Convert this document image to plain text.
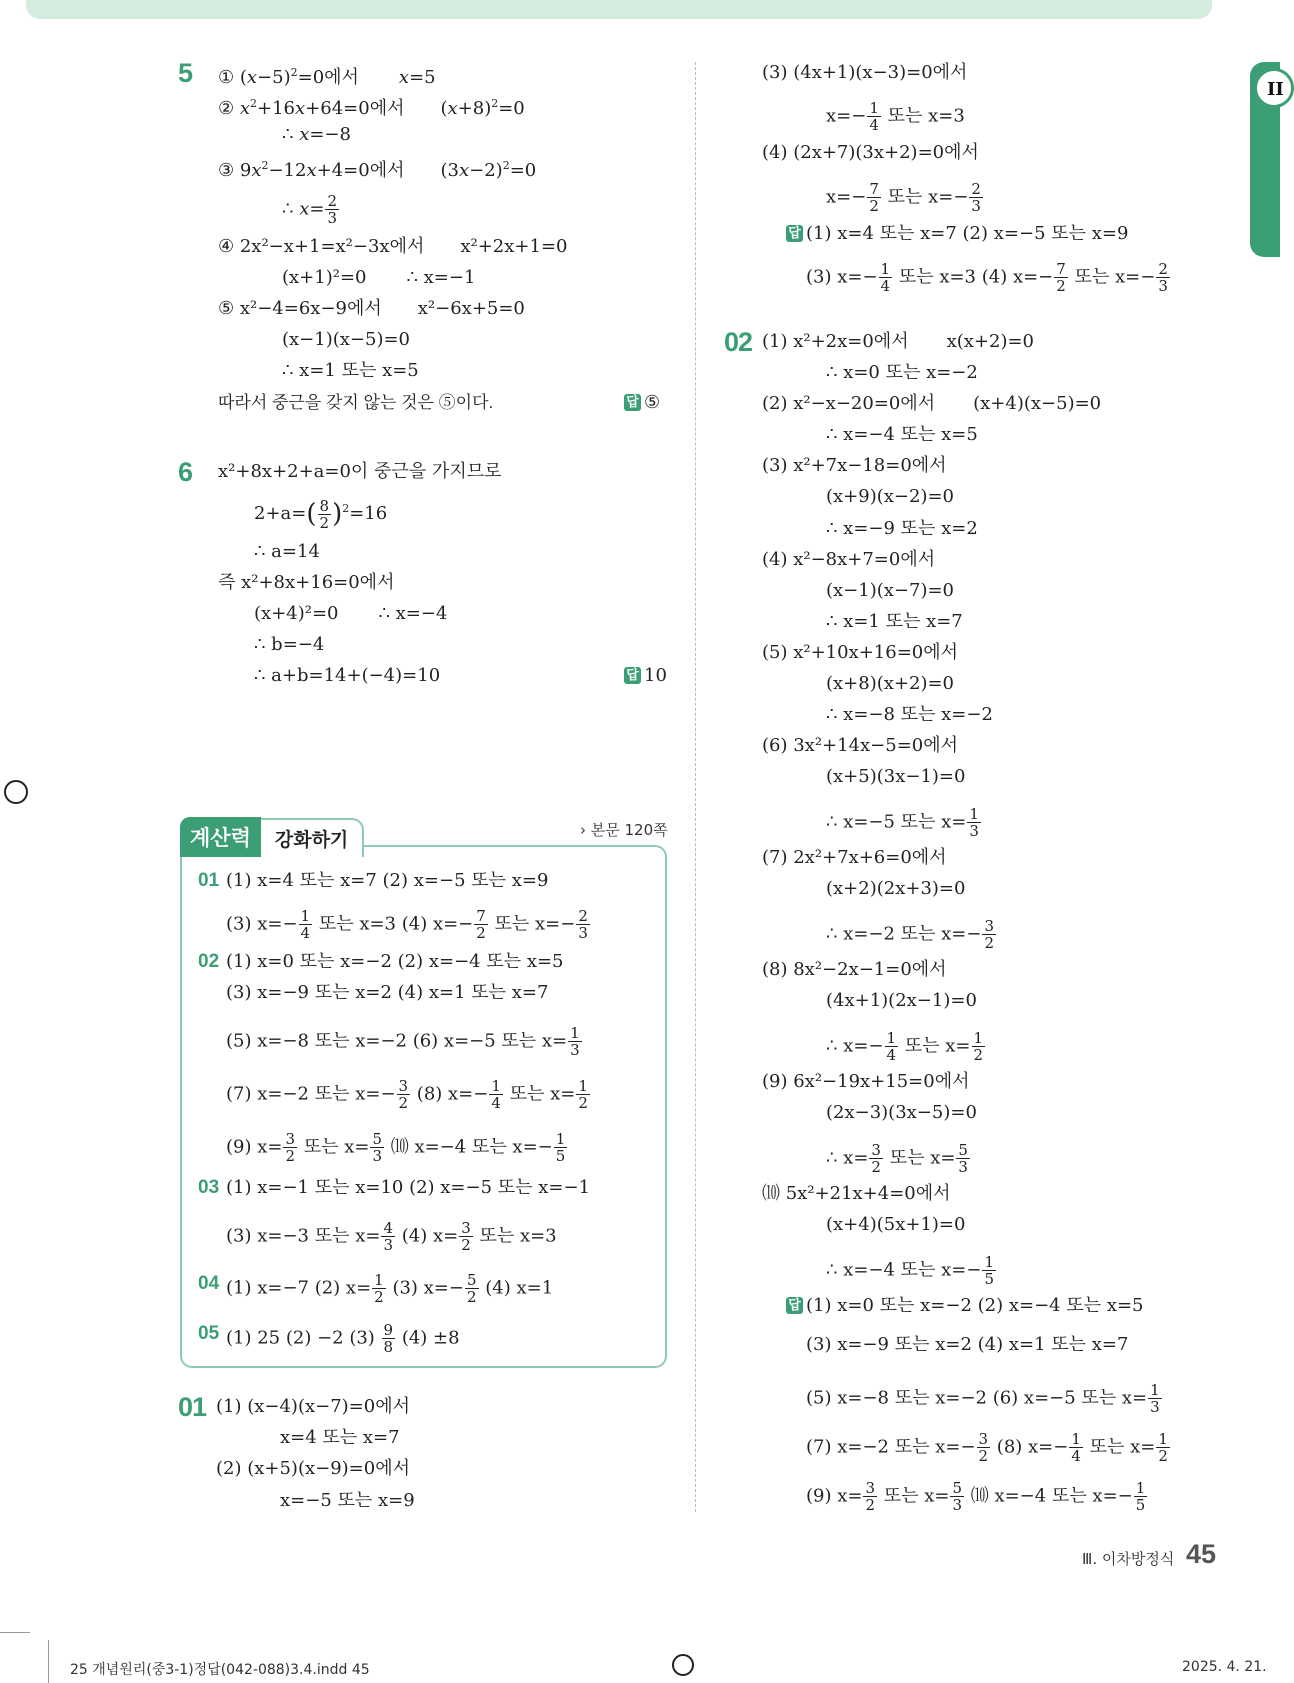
II
5 ① $(x-5)^2=0$에서 x=5
② $x^2+16x+64=0$에서 $(x+8)^2=0$
∴ x=−8
③ $9x^2-12x+4=0$에서 $(3x-2)^2=0$
∴ $x= \frac{2}{3}$
④ 2x²−x+1=x²−3x에서 x²+2x+1=0
(x+1)²=0 ∴ x=−1
⑤ x²−4=6x−9에서 x²−6x+5=0
(x−1)(x−5)=0
∴ x=1 또는 x=5
따라서 중근을 갖지 않는 것은 ⑤이다.	답 ⑤
6 x²+8x+2+a=0이 중근을 가지므로
$2+a=( \frac{8}{2} )^2=16$
∴ a=14
즉 x²+8x+16=0에서
(x+4)²=0 ∴ x=−4
∴ b=−4
∴ a+b=14+(−4)=10	답 10
계산력	강화하기	› 본문 120쪽
01 (1) x=4 또는 x=7 (2) x=−5 또는 x=9
(3) $x=- \frac{1}{4}$ 또는 x=3 (4) $x=- \frac{7}{2}$ 또는 $x=- \frac{2}{3}$
02 (1) x=0 또는 x=−2 (2) x=−4 또는 x=5
(3) x=−9 또는 x=2 (4) x=1 또는 x=7
(5) x=−8 또는 x=−2 (6) x=−5 또는 $x= \frac{1}{3}$
(7) x=−2 또는 $x=- \frac{3}{2} (8)$ $x=- \frac{1}{4}$ 또는 $x= \frac{1}{2}$
(9) $x= \frac{3}{2}$ 또는 $x= \frac{5}{3}$ ⑽ x=−4 또는 $x=- \frac{1}{5}$
03 (1) x=−1 또는 x=10 (2) x=−5 또는 x=−1
(3) x=−3 또는 $x= \frac{4}{3} (4)$ $x= \frac{3}{2}$ 또는 x=3
04 (1) x=−7 (2) $x= \frac{1}{2} (3)$ $x=- \frac{5}{2} (4)$ x=1
05 (1) 25 (2) −2 $(3) \frac{9}{8} (4) \pm 8$
01 (1) (x−4)(x−7)=0에서
x=4 또는 x=7
(2) (x+5)(x−9)=0에서
x=−5 또는 x=9
(3) (4x+1)(x−3)=0에서
$x=- \frac{1}{4}$ 또는 x=3
(4) (2x+7)(3x+2)=0에서
$x=- \frac{7}{2}$ 또는 $x=- \frac{2}{3}$
답 (1) x=4 또는 x=7 (2) x=−5 또는 x=9
(3) $x=- \frac{1}{4}$ 또는 x=3 (4) $x=- \frac{7}{2}$ 또는 $x=- \frac{2}{3}$
02 (1) x²+2x=0에서 x(x+2)=0
∴ x=0 또는 x=−2
(2) x²−x−20=0에서 (x+4)(x−5)=0
∴ x=−4 또는 x=5
(3) x²+7x−18=0에서
(x+9)(x−2)=0
∴ x=−9 또는 x=2
(4) x²−8x+7=0에서
(x−1)(x−7)=0
∴ x=1 또는 x=7
(5) x²+10x+16=0에서
(x+8)(x+2)=0
∴ x=−8 또는 x=−2
(6) 3x²+14x−5=0에서
(x+5)(3x−1)=0
∴ x=−5 또는 $x= \frac{1}{3}$
(7) 2x²+7x+6=0에서
(x+2)(2x+3)=0
∴ x=−2 또는 $x=- \frac{3}{2}$
(8) 8x²−2x−1=0에서
(4x+1)(2x−1)=0
∴ $x=- \frac{1}{4}$ 또는 $x= \frac{1}{2}$
(9) 6x²−19x+15=0에서
(2x−3)(3x−5)=0
∴ $x= \frac{3}{2}$ 또는 $x= \frac{5}{3}$
⑽ 5x²+21x+4=0에서
(x+4)(5x+1)=0
∴ x=−4 또는 $x=- \frac{1}{5}$
답 (1) x=0 또는 x=−2 (2) x=−4 또는 x=5
(3) x=−9 또는 x=2 (4) x=1 또는 x=7
(5) x=−8 또는 x=−2 (6) x=−5 또는 $x= \frac{1}{3}$
(7) x=−2 또는 $x=- \frac{3}{2} (8)$ $x=- \frac{1}{4}$ 또는 $x= \frac{1}{2}$
(9) $x= \frac{3}{2}$ 또는 $x= \frac{5}{3}$ ⑽ x=−4 또는 $x=- \frac{1}{5}$
Ⅲ. 이차방정식 45
25 개념원리(중3-1)정답(042-088)3.4.indd 45	2025. 4. 21.
